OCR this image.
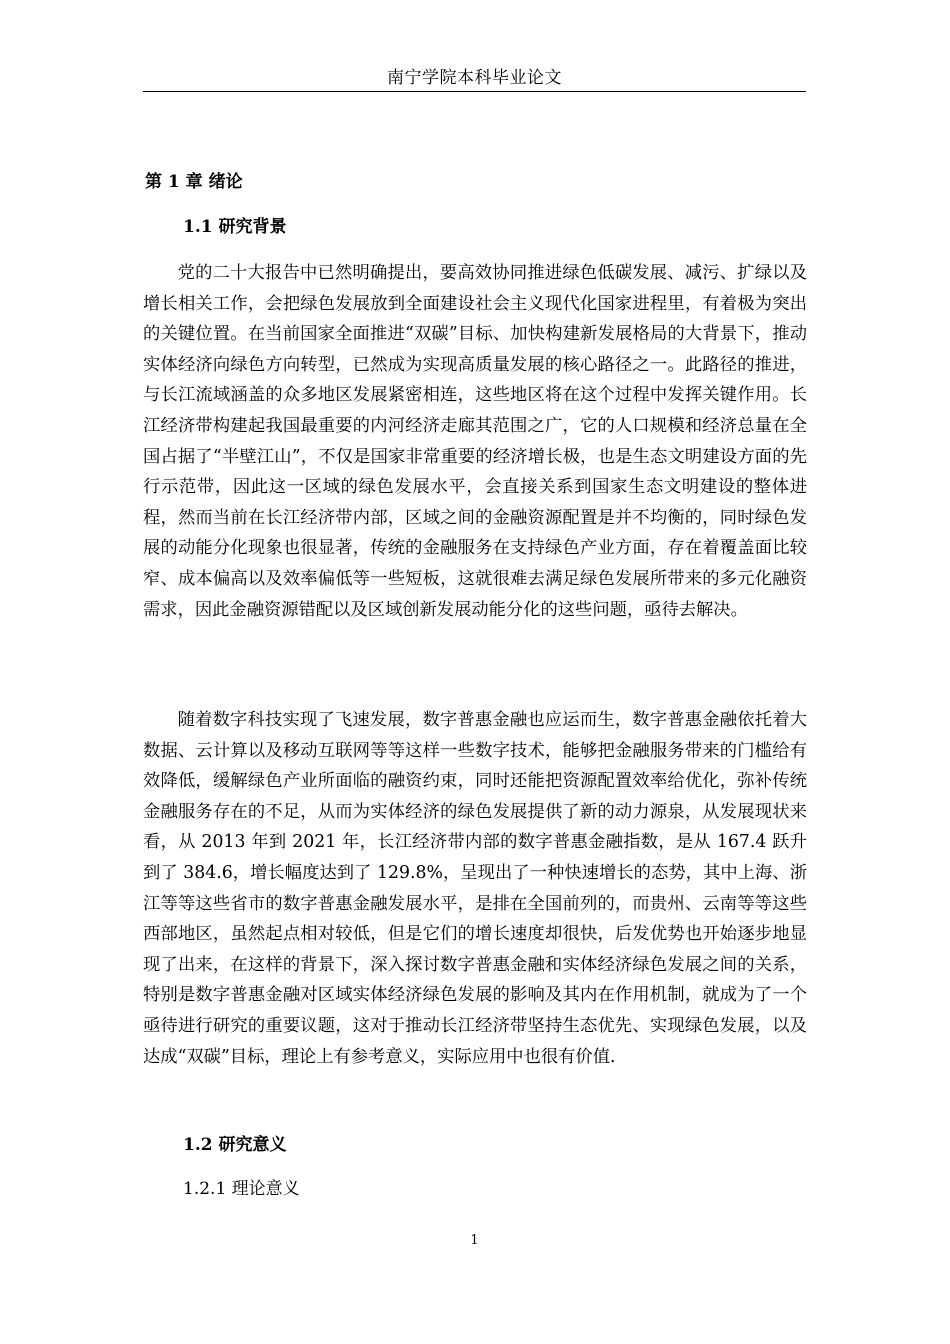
南宁学院本科毕业论文
第 1 章 绪论
1.1 研究背景

党的二十大报告中已然明确提出，要高效协同推进绿色低碳发展、减污、扩绿以及增长相关工作，会把绿色发展放到全面建设社会主义现代化国家进程里，有着极为突出的关键位置。在当前国家全面推进“双碳”目标、加快构建新发展格局的大背景下，推动实体经济向绿色方向转型，已然成为实现高质量发展的核心路径之一。此路径的推进，与长江流域涵盖的众多地区发展紧密相连，这些地区将在这个过程中发挥关键作用。长江经济带构建起我国最重要的内河经济走廊其范围之广，它的人口规模和经济总量在全国占据了“半壁江山”，不仅是国家非常重要的经济增长极，也是生态文明建设方面的先行示范带，因此这一区域的绿色发展水平，会直接关系到国家生态文明建设的整体进程，然而当前在长江经济带内部，区域之间的金融资源配置是并不均衡的，同时绿色发展的动能分化现象也很显著，传统的金融服务在支持绿色产业方面，存在着覆盖面比较窄、成本偏高以及效率偏低等一些短板，这就很难去满足绿色发展所带来的多元化融资需求，因此金融资源错配以及区域创新发展动能分化的这些问题，亟待去解决。

随着数字科技实现了飞速发展，数字普惠金融也应运而生，数字普惠金融依托着大数据、云计算以及移动互联网等等这样一些数字技术，能够把金融服务带来的门槛给有效降低，缓解绿色产业所面临的融资约束，同时还能把资源配置效率给优化，弥补传统金融服务存在的不足，从而为实体经济的绿色发展提供了新的动力源泉，从发展现状来看，从 2013 年到 2021 年，长江经济带内部的数字普惠金融指数，是从 167.4 跃升到了 384.6，增长幅度达到了 129.8%，呈现出了一种快速增长的态势，其中上海、浙江等等这些省市的数字普惠金融发展水平，是排在全国前列的，而贵州、云南等等这些西部地区，虽然起点相对较低，但是它们的增长速度却很快，后发优势也开始逐步地显现了出来，在这样的背景下，深入探讨数字普惠金融和实体经济绿色发展之间的关系，特别是数字普惠金融对区域实体经济绿色发展的影响及其内在作用机制，就成为了一个亟待进行研究的重要议题，这对于推动长江经济带坚持生态优先、实现绿色发展，以及达成“双碳”目标，理论上有参考意义，实际应用中也很有价值.

1.2 研究意义
1.2.1 理论意义
1
